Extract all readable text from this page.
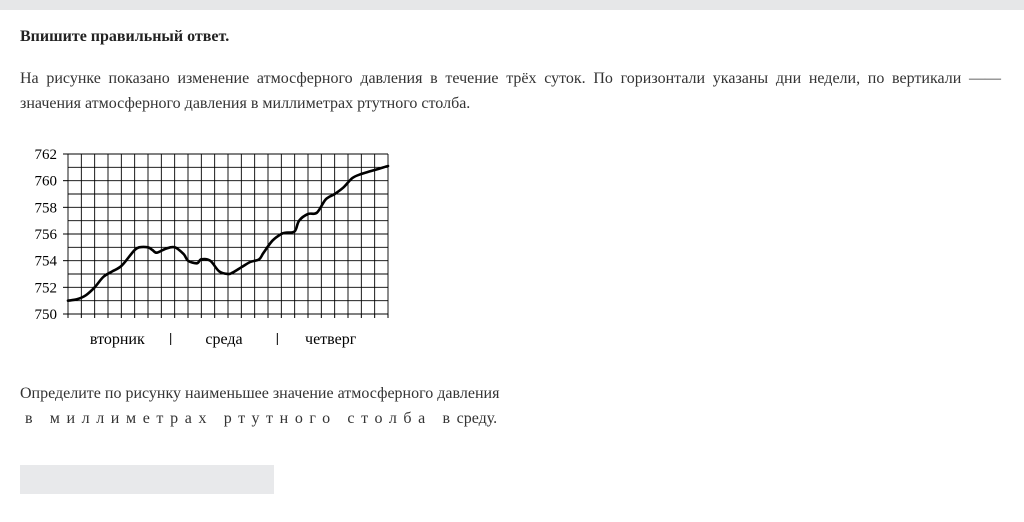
Впишите правильный ответ.
На рисунке показано изменение атмосферного давления в течение трёх суток. По горизонтали указаны дни недели, по вертикали —— значения атмосферного давления в миллиметрах ртутного столба.
750
752
754
756
758
760
762
вторник	среда	четверг
Определите по рисунку наименьшее значение атмосферного давления
в миллиметрах ртутного столба всреду.
